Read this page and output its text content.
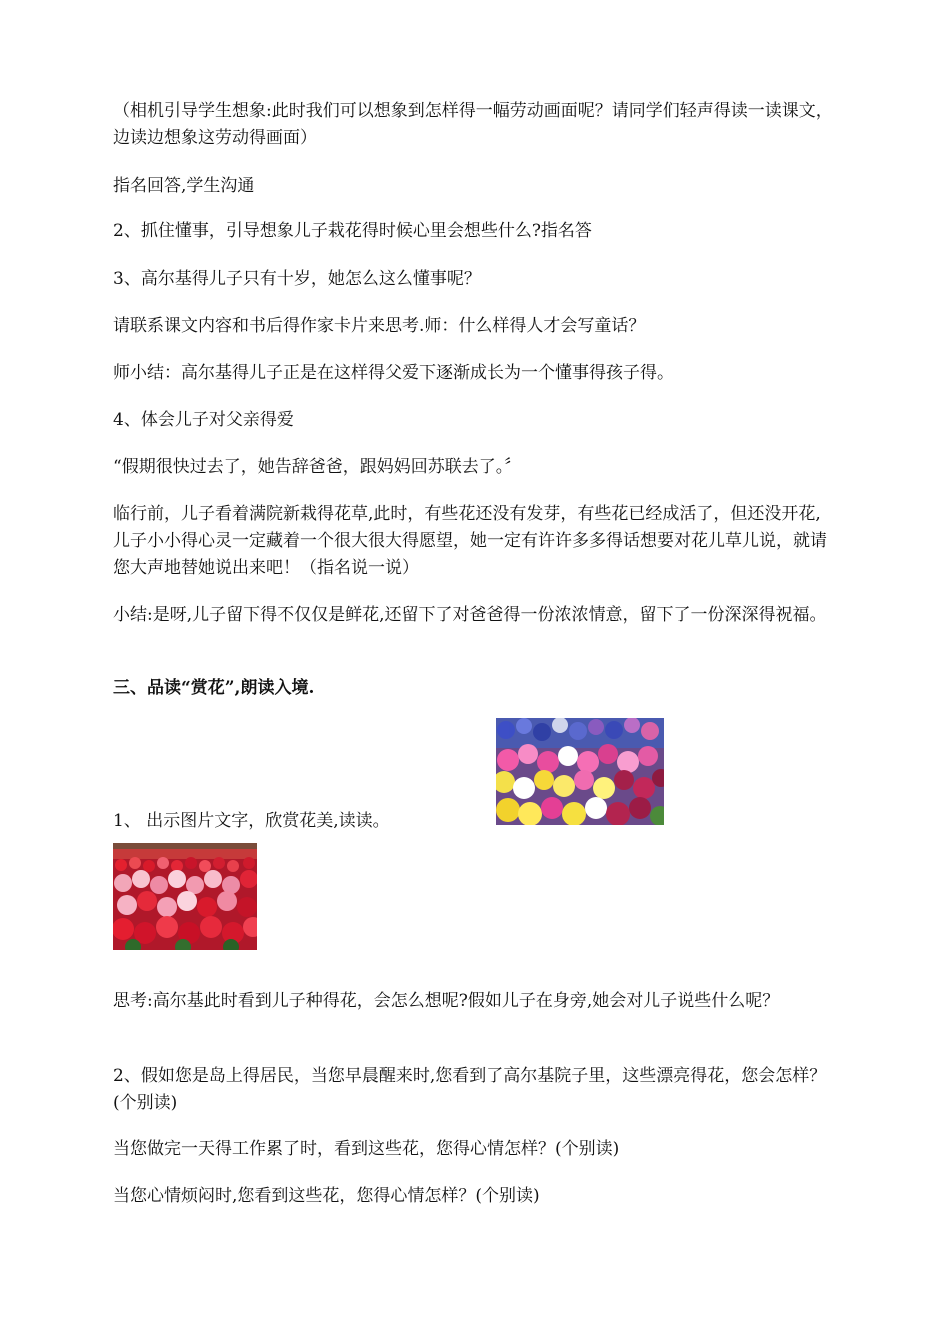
（相机引导学生想象:此时我们可以想象到怎样得一幅劳动画面呢？请同学们轻声得读一读课文，边读边想象这劳动得画面）

指名回答,学生沟通

2、抓住懂事，引导想象儿子栽花得时候心里会想些什么?指名答

3、高尔基得儿子只有十岁，她怎么这么懂事呢？

请联系课文内容和书后得作家卡片来思考.师：什么样得人才会写童话？

师小结：高尔基得儿子正是在这样得父爱下逐渐成长为一个懂事得孩子得。

4、体会儿子对父亲得爱

“假期很快过去了，她告辞爸爸，跟妈妈回苏联去了。〞

临行前，儿子看着满院新栽得花草,此时，有些花还没有发芽，有些花已经成活了，但还没开花,儿子小小得心灵一定藏着一个很大很大得愿望，她一定有许许多多得话想要对花儿草儿说，就请您大声地替她说出来吧！（指名说一说）

小结:是呀,儿子留下得不仅仅是鲜花,还留下了对爸爸得一份浓浓情意，留下了一份深深得祝福。

三、品读“赏花”,朗读入境.

1、 出示图片文字，欣赏花美,读读。

思考:高尔基此时看到儿子种得花，会怎么想呢?假如儿子在身旁,她会对儿子说些什么呢？

2、假如您是岛上得居民，当您早晨醒来时,您看到了高尔基院子里，这些漂亮得花，您会怎样？(个别读)

当您做完一天得工作累了时，看到这些花，您得心情怎样？(个别读)

当您心情烦闷时,您看到这些花，您得心情怎样？(个别读)
